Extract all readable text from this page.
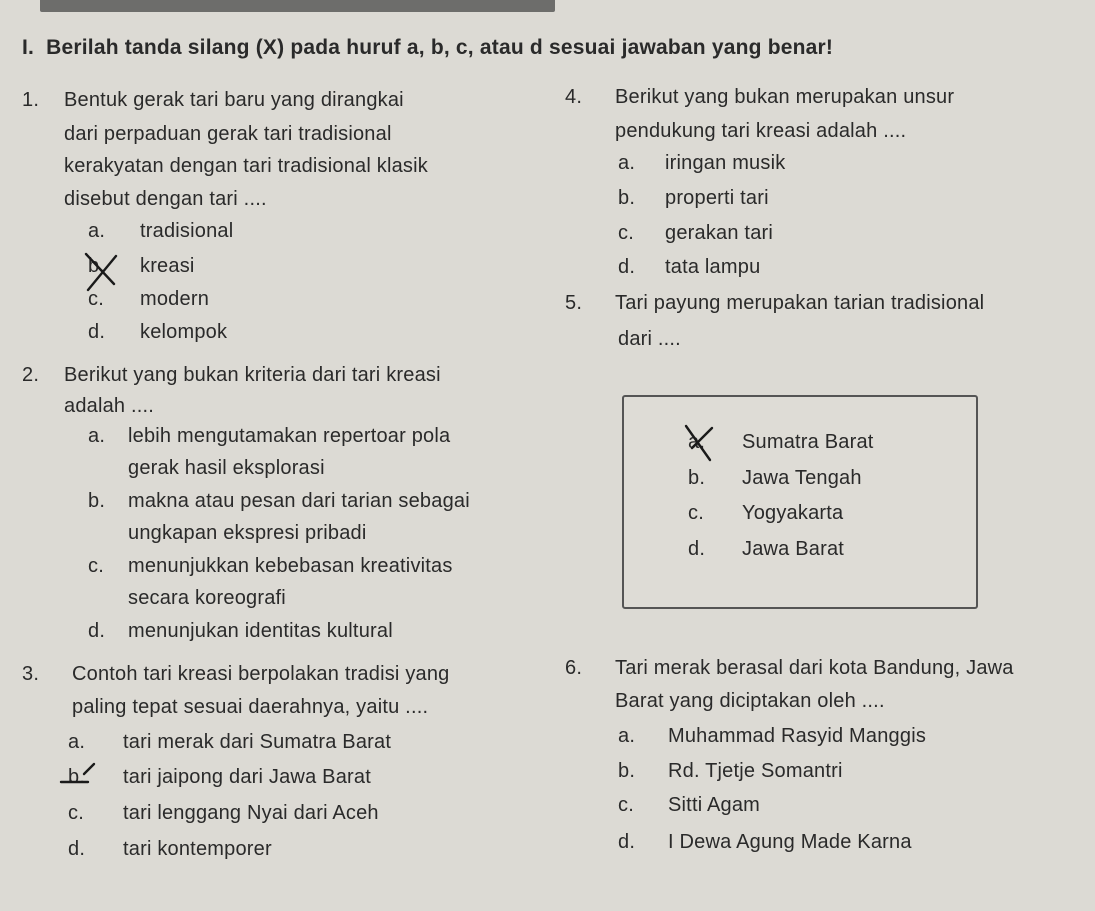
I.  Berilah tanda silang (X) pada huruf a, b, c, atau d sesuai jawaban yang benar!
1. Bentuk gerak tari baru yang dirangkai
dari perpaduan gerak tari tradisional
kerakyatan dengan tari tradisional klasik
disebut dengan tari ....
a. tradisional
b. kreasi
c. modern
d. kelompok
2. Berikut yang bukan kriteria dari tari kreasi
adalah ....
a. lebih mengutamakan repertoar pola
gerak hasil eksplorasi
b. makna atau pesan dari tarian sebagai
ungkapan ekspresi pribadi
c. menunjukkan kebebasan kreativitas
secara koreografi
d. menunjukan identitas kultural
3. Contoh tari kreasi berpolakan tradisi yang
paling tepat sesuai daerahnya, yaitu ....
a. tari merak dari Sumatra Barat
b. tari jaipong dari Jawa Barat
c. tari lenggang Nyai dari Aceh
d. tari kontemporer
4. Berikut yang bukan merupakan unsur
pendukung tari kreasi adalah ....
a. iringan musik
b. properti tari
c. gerakan tari
d. tata lampu
5. Tari payung merupakan tarian tradisional
dari ....
a. Sumatra Barat
b. Jawa Tengah
c. Yogyakarta
d. Jawa Barat
6. Tari merak berasal dari kota Bandung, Jawa
Barat yang diciptakan oleh ....
a. Muhammad Rasyid Manggis
b. Rd. Tjetje Somantri
c. Sitti Agam
d. I Dewa Agung Made Karna
